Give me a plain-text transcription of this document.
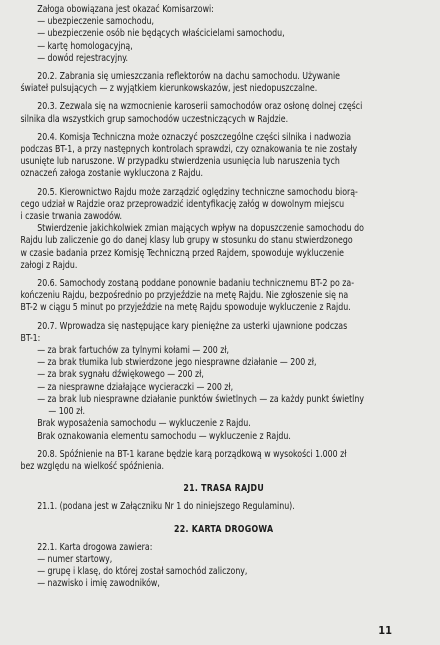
Załoga obowiązana jest okazać Komisarzowi:
— ubezpieczenie samochodu,
— ubezpieczenie osób nie będących właścicielami samochodu,
— kartę homologacyjną,
— dowód rejestracyjny.
20.2. Zabrania się umieszczania reflektorów na dachu samochodu. Używanie
świateł pulsujących — z wyjątkiem kierunkowskazów, jest niedopuszczalne.
20.3. Zezwala się na wzmocnienie karoserii samochodów oraz osłonę dolnej części
silnika dla wszystkich grup samochodów uczestniczących w Rajdzie.
20.4. Komisja Techniczna może oznaczyć poszczególne części silnika i nadwozia
podczas BT-1, a przy następnych kontrolach sprawdzi, czy oznakowania te nie zostały
usunięte lub naruszone. W przypadku stwierdzenia usunięcia lub naruszenia tych
oznaczeń załoga zostanie wykluczona z Rajdu.
20.5. Kierownictwo Rajdu może zarządzić oględziny techniczne samochodu biorą-
cego udział w Rajdzie oraz przeprowadzić identyfikację załóg w dowolnym miejscu
i czasie trwania zawodów.
Stwierdzenie jakichkolwiek zmian mających wpływ na dopuszczenie samochodu do
Rajdu lub zaliczenie go do danej klasy lub grupy w stosunku do stanu stwierdzonego
w czasie badania przez Komisję Techniczną przed Rajdem, spowoduje wykluczenie
załogi z Rajdu.
20.6. Samochody zostaną poddane ponownie badaniu technicznemu BT-2 po za-
kończeniu Rajdu, bezpośrednio po przyjeździe na metę Rajdu. Nie zgłoszenie się na
BT-2 w ciągu 5 minut po przyjeździe na metę Rajdu spowoduje wykluczenie z Rajdu.
20.7. Wprowadza się następujące kary pieniężne za usterki ujawnione podczas
BT-1:
— za brak fartuchów za tylnymi kołami — 200 zł,
— za brak tłumika lub stwierdzone jego niesprawne działanie — 200 zł,
— za brak sygnału dźwiękowego — 200 zł,
— za niesprawne działające wycieraczki — 200 zł,
— za brak lub niesprawne działanie punktów świetlnych — za każdy punkt świetlny
— 100 zł.
Brak wyposażenia samochodu — wykluczenie z Rajdu.
Brak oznakowania elementu samochodu — wykluczenie z Rajdu.
20.8. Spóźnienie na BT-1 karane będzie karą porządkową w wysokości 1.000 zł
bez względu na wielkość spóźnienia.
21. TRASA RAJDU
21.1. (podana jest w Załączniku Nr 1 do niniejszego Regulaminu).
22. KARTA DROGOWA
22.1. Karta drogowa zawiera:
— numer startowy,
— grupę i klasę, do której został samochód zaliczony,
— nazwisko i imię zawodników,
11
